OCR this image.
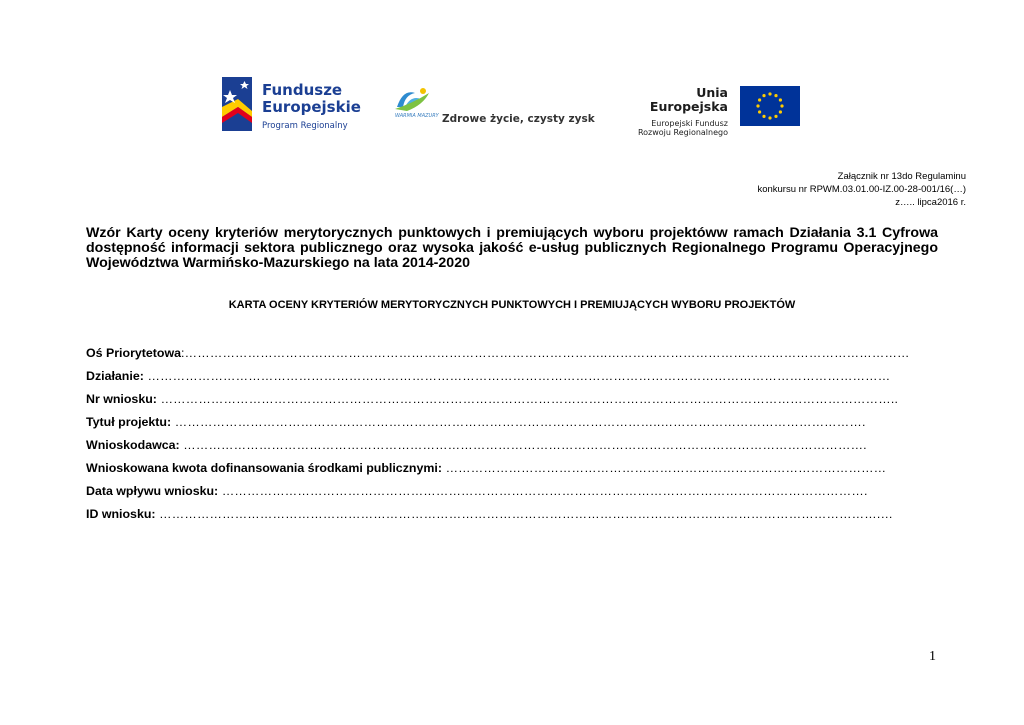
Fundusze
Europejskie
Program Regionalny
WARMIA MAZURY Zdrowe życie, czysty zysk
Unia Europejska
Europejski Fundusz
Rozwoju Regionalnego
Załącznik nr 13do Regulaminu
konkursu nr RPWM.03.01.00-IZ.00-28-001/16(…)
z….. lipca2016 r.
Wzór Karty oceny kryteriów merytorycznych punktowych i premiujących wyboru projektóww ramach Działania 3.1 Cyfrowa dostępność informacji sektora publicznego oraz wysoka jakość e-usług publicznych Regionalnego Programu Operacyjnego Województwa Warmińsko-Mazurskiego na lata 2014-2020
KARTA OCENY KRYTERIÓW MERYTORYCZNYCH PUNKTOWYCH I PREMIUJĄCYCH WYBORU PROJEKTÓW
Oś Priorytetowa:………………………………………………………………………………………..………………………………………………………………
Działanie: ……………………………………………………………………………………………………………………………………………………………
Nr wniosku: …………………………………………………………………………………………………………………………………………………………..
Tytuł projektu: ……………………………………………………………………………………………………..………………………………………….
Wnioskodawca: ……………………………………………………………………………………………………………………………………………….
Wnioskowana kwota dofinansowania środkami publicznymi: ……………………………………………………………………………………………
Data wpływu wniosku: ……………………………………………………………………………………………………………………………………….
ID wniosku: ……………………………………………………………………………………………………………………………………………………….…
1
